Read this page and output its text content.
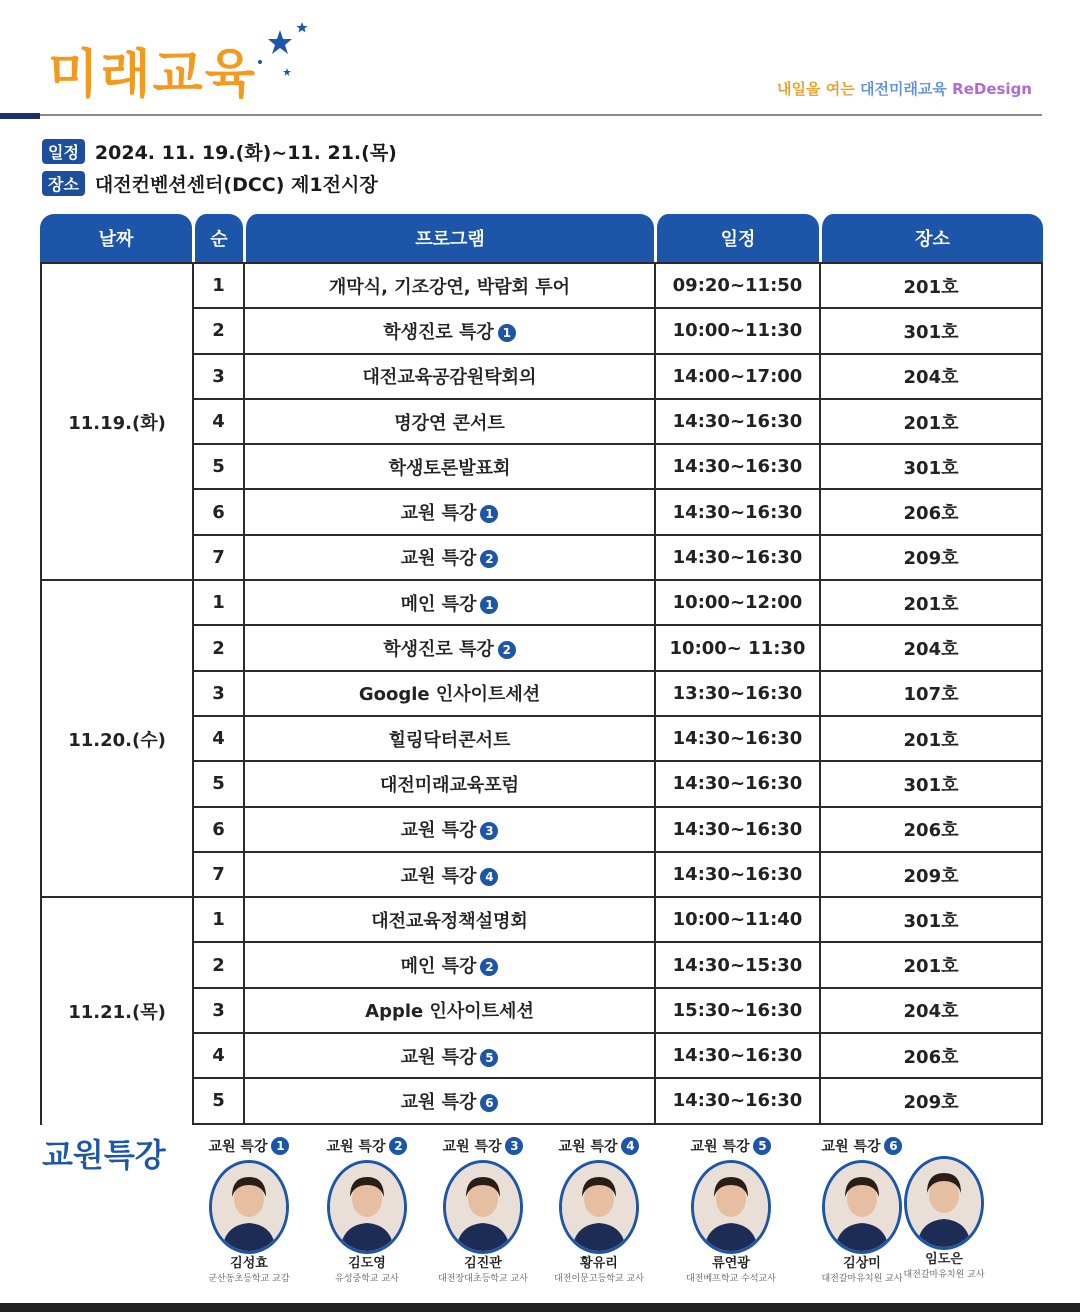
미래교육	내일을 여는 대전미래교육 ReDesign
일정 2024. 11. 19.(화)~11. 21.(목)
장소 대전컨벤션센터(DCC) 제1전시장
날짜	순	프로그램	일정	장소
11.19.(화)	1	개막식, 기조강연, 박람회 투어	09:20~11:50	201호
	2	학생진로 특강 1	10:00~11:30	301호
	3	대전교육공감원탁회의	14:00~17:00	204호
	4	명강연 콘서트	14:30~16:30	201호
	5	학생토론발표회	14:30~16:30	301호
	6	교원 특강 1	14:30~16:30	206호
	7	교원 특강 2	14:30~16:30	209호
11.20.(수)	1	메인 특강 1	10:00~12:00	201호
	2	학생진로 특강 2	10:00~ 11:30	204호
	3	Google 인사이트세션	13:30~16:30	107호
	4	힐링닥터콘서트	14:30~16:30	201호
	5	대전미래교육포럼	14:30~16:30	301호
	6	교원 특강 3	14:30~16:30	206호
	7	교원 특강 4	14:30~16:30	209호
11.21.(목)	1	대전교육정책설명회	10:00~11:40	301호
	2	메인 특강 2	14:30~15:30	201호
	3	Apple 인사이트세션	15:30~16:30	204호
	4	교원 특강 5	14:30~16:30	206호
	5	교원 특강 6	14:30~16:30	209호
교원특강	교원 특강 1
김성효
군산동초등학교 교감
교원 특강 2
김도영
유성중학교 교사
교원 특강 3
김진관
대전장대초등학교 교사
교원 특강 4
황유리
대전이문고등학교 교사
교원 특강 5
류연광
대전베프학교 수석교사
교원 특강 6
김상미
대전갈마유치원 교사

임도은
대전갈마유치원 교사
